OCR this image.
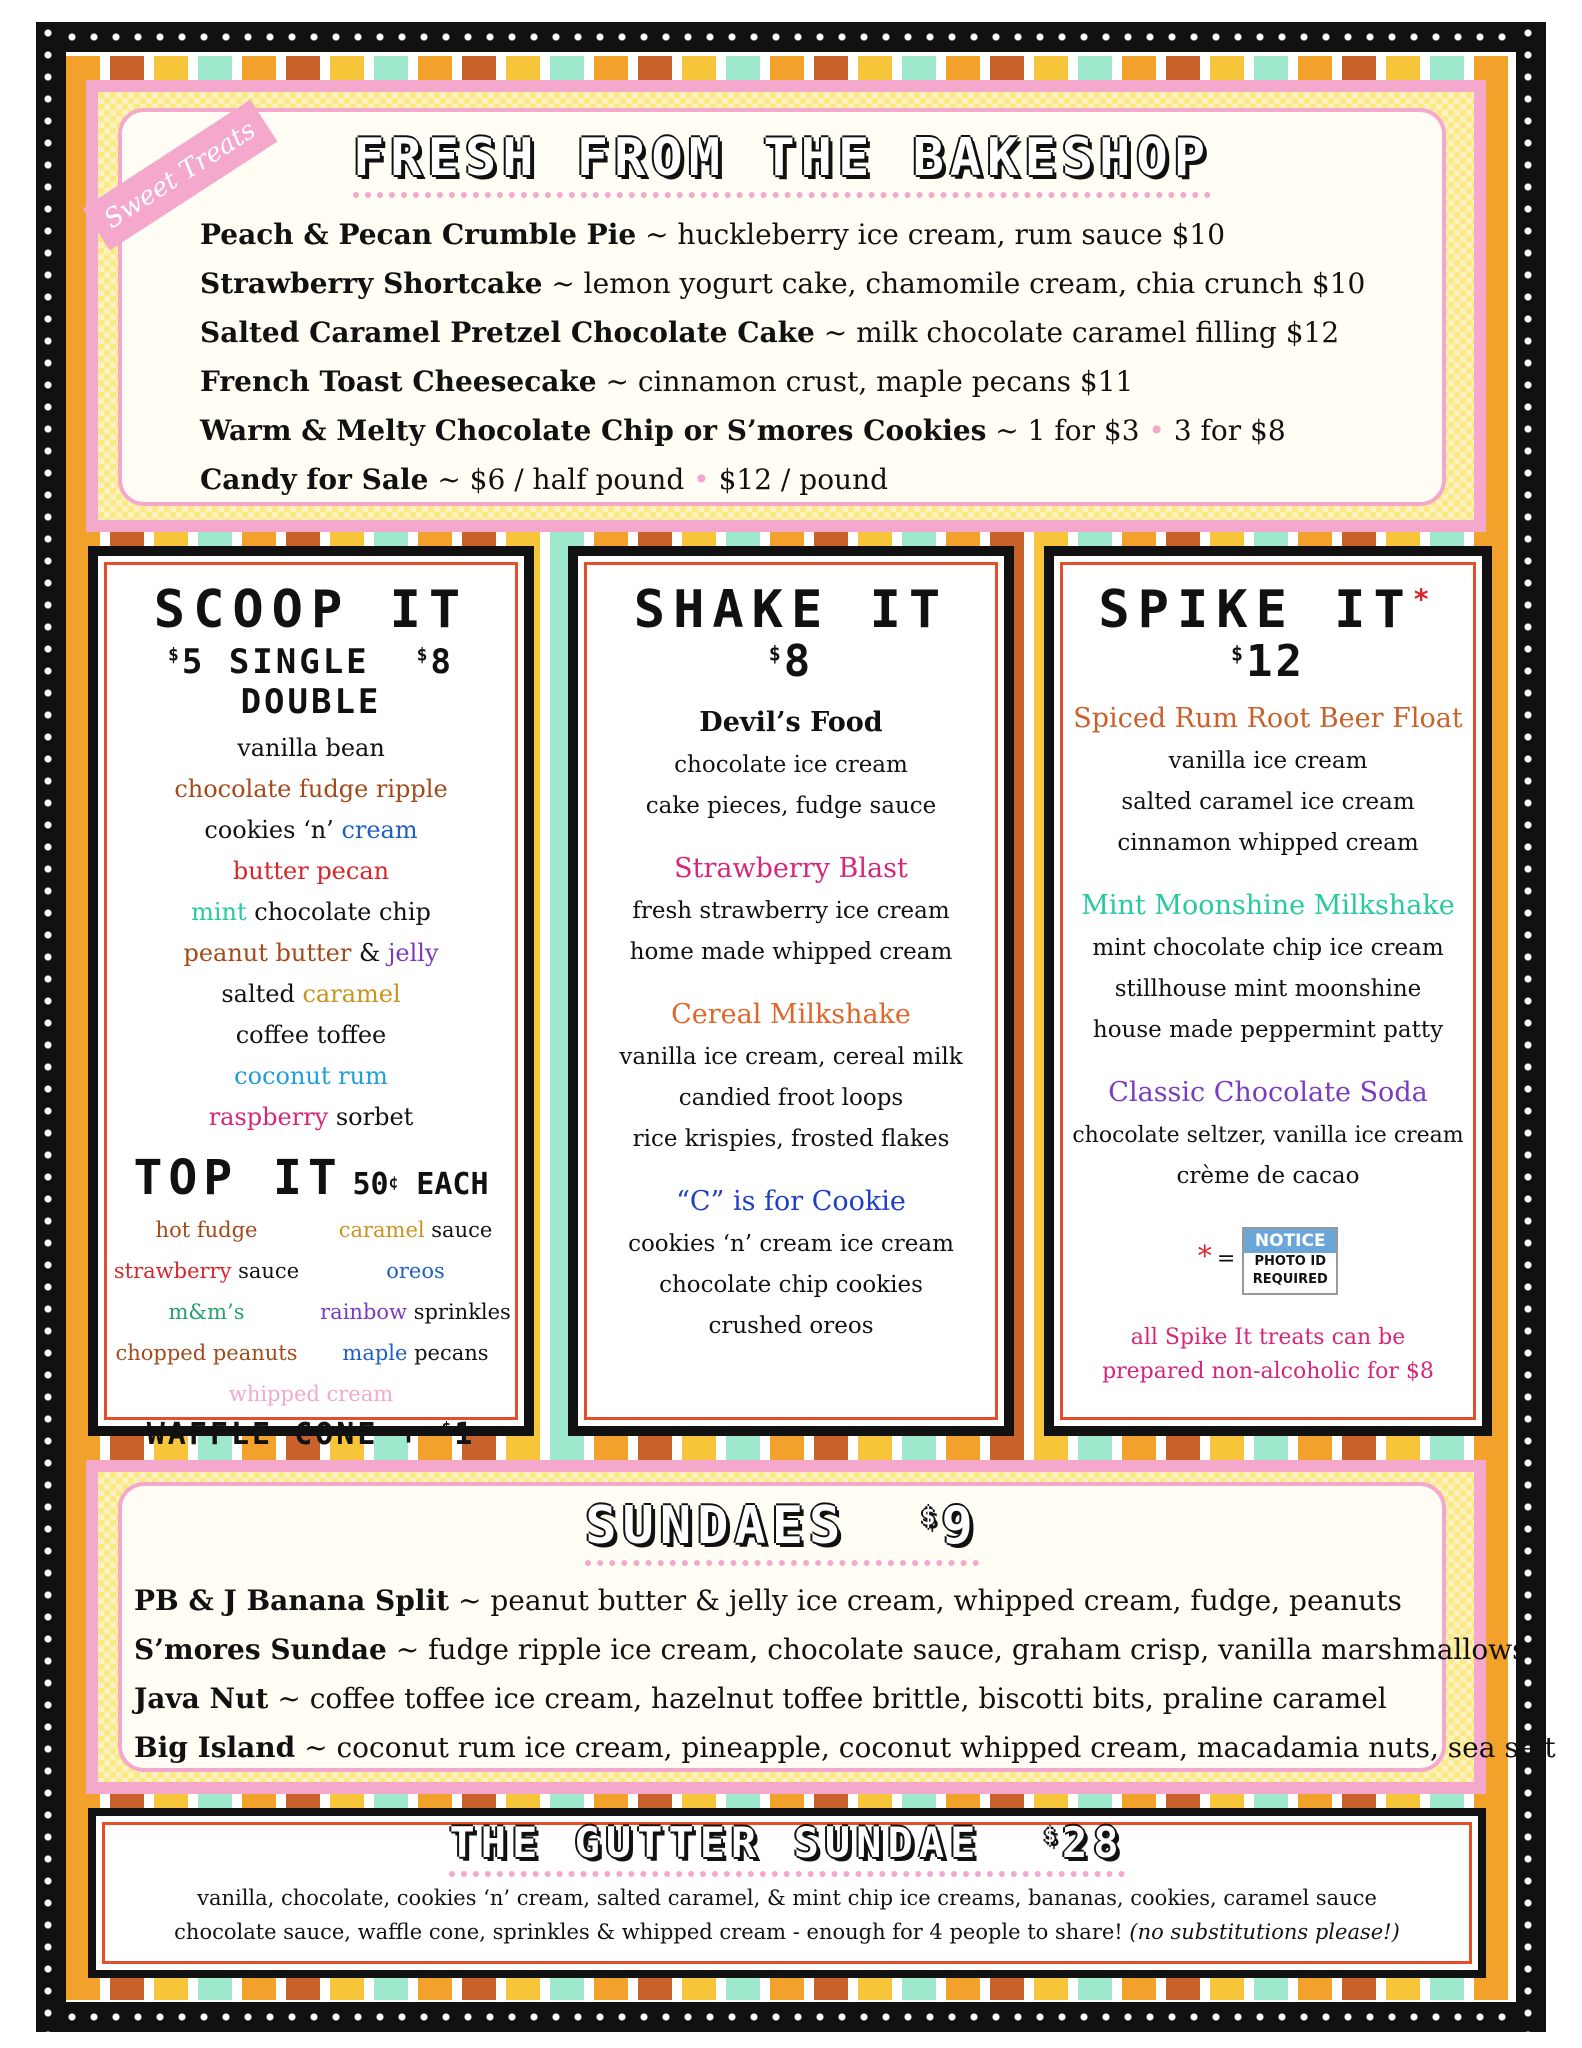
FRESH FROM THE BAKESHOP
Peach & Pecan Crumble Pie ~ huckleberry ice cream, rum sauce $10
Strawberry Shortcake ~ lemon yogurt cake, chamomile cream, chia crunch $10
Salted Caramel Pretzel Chocolate Cake ~ milk chocolate caramel filling $12
French Toast Cheesecake ~ cinnamon crust, maple pecans $11
Warm & Melty Chocolate Chip or S’mores Cookies ~ 1 for $3 • 3 for $8
Candy for Sale ~ $6 / half pound • $12 / pound
Sweet Treats
SCOOP IT
$5 SINGLE	$8 DOUBLE
vanilla bean
chocolate fudge ripple
cookies ‘n’ cream
butter pecan
mint chocolate chip
peanut butter & jelly
salted caramel
coffee toffee
coconut rum
raspberry sorbet
TOP IT 50¢ EACH
hot fudge	caramel sauce
strawberry sauce	oreos
m&m’s	rainbow sprinkles
chopped peanuts	maple pecans
whipped cream
WAFFLE CONE + $1
SHAKE IT
$8
Devil’s Food
chocolate ice cream
cake pieces, fudge sauce
Strawberry Blast
fresh strawberry ice cream
home made whipped cream
Cereal Milkshake
vanilla ice cream, cereal milk
candied froot loops
rice krispies, frosted flakes
“C” is for Cookie
cookies ‘n’ cream ice cream
chocolate chip cookies
crushed oreos
SPIKE IT*
$12
Spiced Rum Root Beer Float
vanilla ice cream
salted caramel ice cream
cinnamon whipped cream
Mint Moonshine Milkshake
mint chocolate chip ice cream
stillhouse mint moonshine
house made peppermint patty
Classic Chocolate Soda
chocolate seltzer, vanilla ice cream
crème de cacao
* =
NOTICE
PHOTO ID
REQUIRED
all Spike It treats can be
prepared non-alcoholic for $8
SUNDAES	$9
PB & J Banana Split ~ peanut butter & jelly ice cream, whipped cream, fudge, peanuts
S’mores Sundae ~ fudge ripple ice cream, chocolate sauce, graham crisp, vanilla marshmallows
Java Nut ~ coffee toffee ice cream, hazelnut toffee brittle, biscotti bits, praline caramel
Big Island ~ coconut rum ice cream, pineapple, coconut whipped cream, macadamia nuts, sea salt
THE GUTTER SUNDAE	$28
vanilla, chocolate, cookies ‘n’ cream, salted caramel, & mint chip ice creams, bananas, cookies, caramel sauce
chocolate sauce, waffle cone, sprinkles & whipped cream - enough for 4 people to share! (no substitutions please!)
